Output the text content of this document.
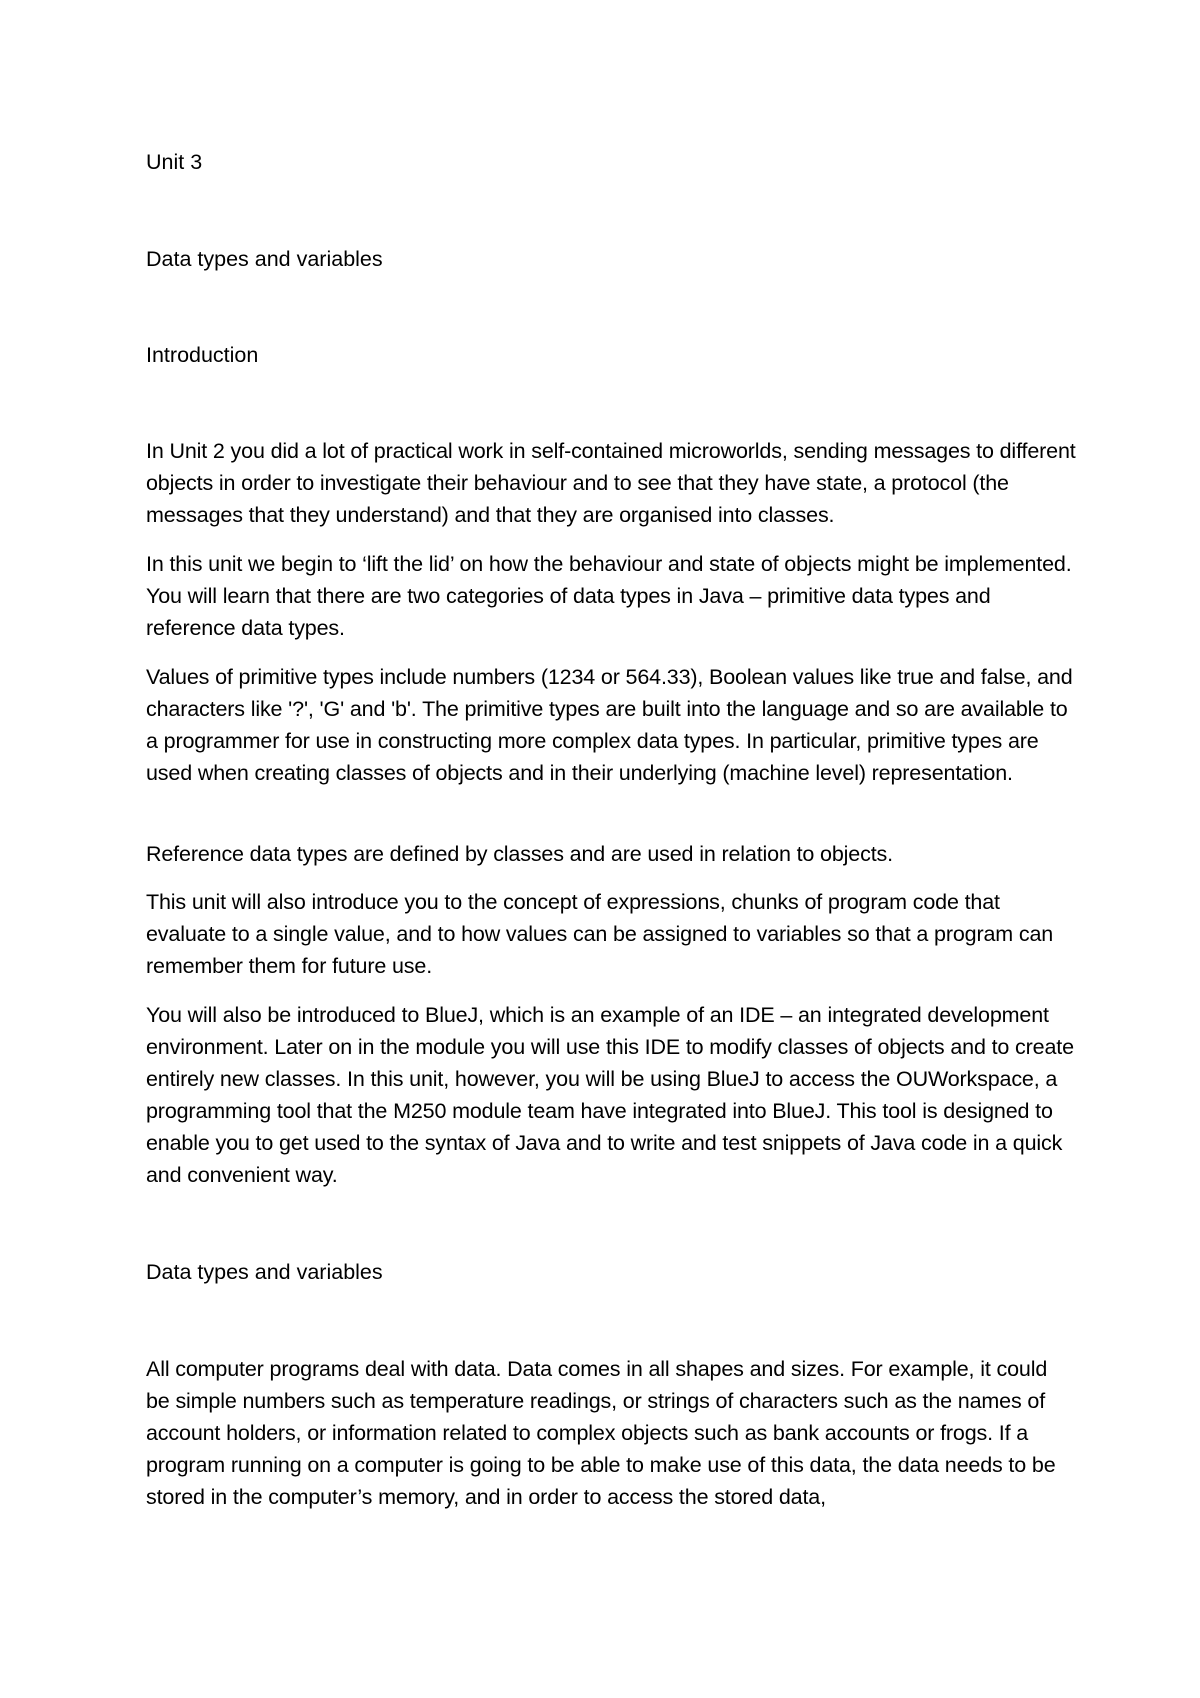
Unit 3
Data types and variables
Introduction
In Unit 2 you did a lot of practical work in self-contained microworlds, sending messages to different objects in order to investigate their behaviour and to see that they have state, a protocol (the messages that they understand) and that they are organised into classes.
In this unit we begin to ‘lift the lid’ on how the behaviour and state of objects might be implemented. You will learn that there are two categories of data types in Java – primitive data types and reference data types.
Values of primitive types include numbers (1234 or 564.33), Boolean values like true and false, and characters like '?', 'G' and 'b'. The primitive types are built into the language and so are available to a programmer for use in constructing more complex data types. In particular, primitive types are used when creating classes of objects and in their underlying (machine level) representation.
Reference data types are defined by classes and are used in relation to objects.
This unit will also introduce you to the concept of expressions, chunks of program code that evaluate to a single value, and to how values can be assigned to variables so that a program can remember them for future use.
You will also be introduced to BlueJ, which is an example of an IDE – an integrated development environment. Later on in the module you will use this IDE to modify classes of objects and to create entirely new classes. In this unit, however, you will be using BlueJ to access the OUWorkspace, a programming tool that the M250 module team have integrated into BlueJ. This tool is designed to enable you to get used to the syntax of Java and to write and test snippets of Java code in a quick and convenient way.
Data types and variables
All computer programs deal with data. Data comes in all shapes and sizes. For example, it could be simple numbers such as temperature readings, or strings of characters such as the names of account holders, or information related to complex objects such as bank accounts or frogs. If a program running on a computer is going to be able to make use of this data, the data needs to be stored in the computer’s memory, and in order to access the stored data,
